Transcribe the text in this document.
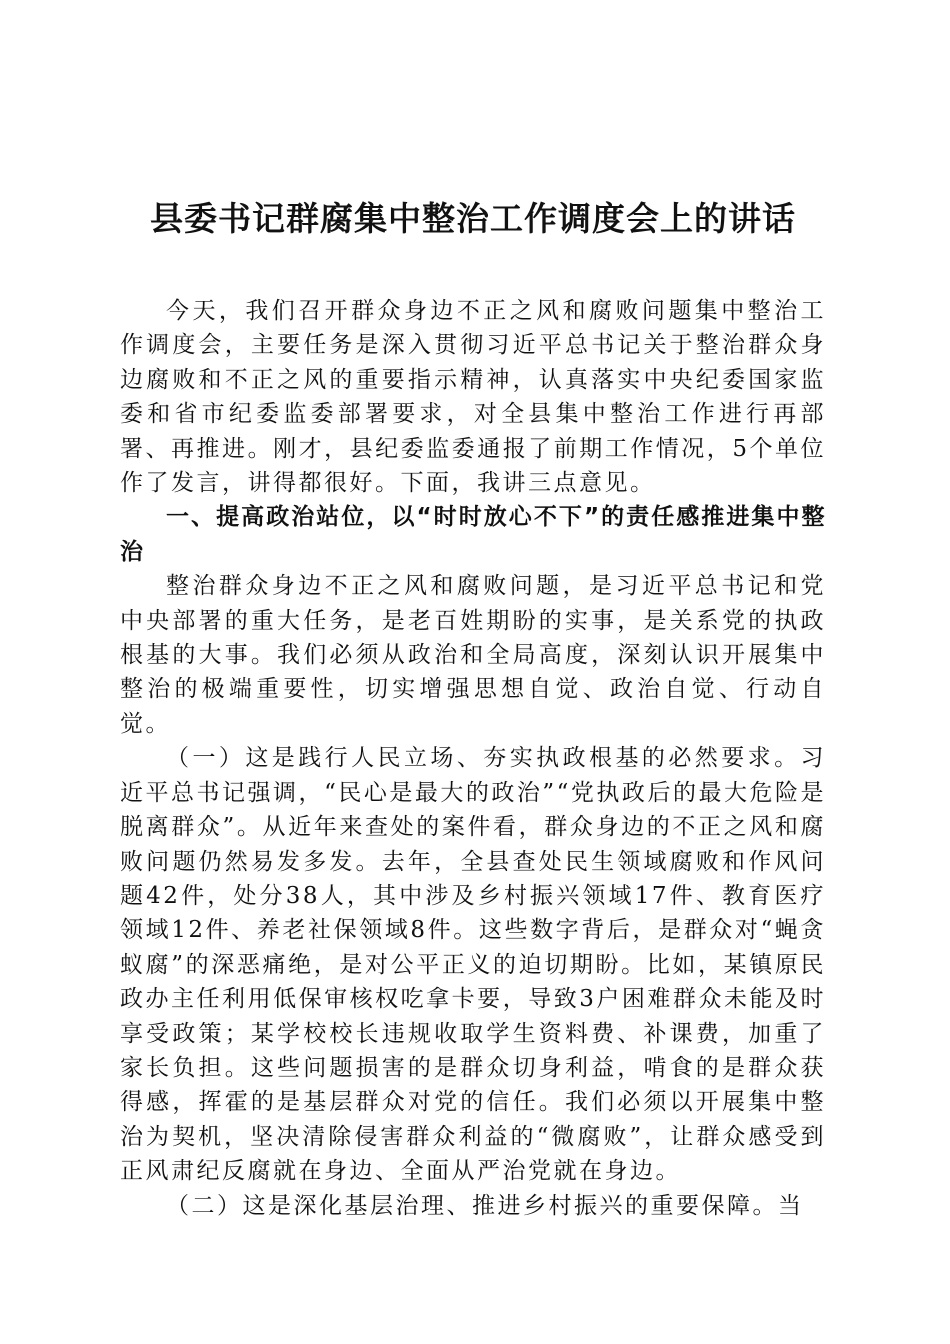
县委书记群腐集中整治工作调度会上的讲话

今天，我们召开群众身边不正之风和腐败问题集中整治工作调度会，主要任务是深入贯彻习近平总书记关于整治群众身边腐败和不正之风的重要指示精神，认真落实中央纪委国家监委和省市纪委监委部署要求，对全县集中整治工作进行再部署、再推进。刚才，县纪委监委通报了前期工作情况，5个单位作了发言，讲得都很好。下面，我讲三点意见。

一、提高政治站位，以“时时放心不下”的责任感推进集中整治

整治群众身边不正之风和腐败问题，是习近平总书记和党中央部署的重大任务，是老百姓期盼的实事，是关系党的执政根基的大事。我们必须从政治和全局高度，深刻认识开展集中整治的极端重要性，切实增强思想自觉、政治自觉、行动自觉。

（一）这是践行人民立场、夯实执政根基的必然要求。习近平总书记强调，“民心是最大的政治”“党执政后的最大危险是脱离群众”。从近年来查处的案件看，群众身边的不正之风和腐败问题仍然易发多发。去年，全县查处民生领域腐败和作风问题42件，处分38人，其中涉及乡村振兴领域17件、教育医疗领域12件、养老社保领域8件。这些数字背后，是群众对“蝇贪蚁腐”的深恶痛绝，是对公平正义的迫切期盼。比如，某镇原民政办主任利用低保审核权吃拿卡要，导致3户困难群众未能及时享受政策；某学校校长违规收取学生资料费、补课费，加重了家长负担。这些问题损害的是群众切身利益，啃食的是群众获得感，挥霍的是基层群众对党的信任。我们必须以开展集中整治为契机，坚决清除侵害群众利益的“微腐败”，让群众感受到正风肃纪反腐就在身边、全面从严治党就在身边。

（二）这是深化基层治理、推进乡村振兴的重要保障。当
